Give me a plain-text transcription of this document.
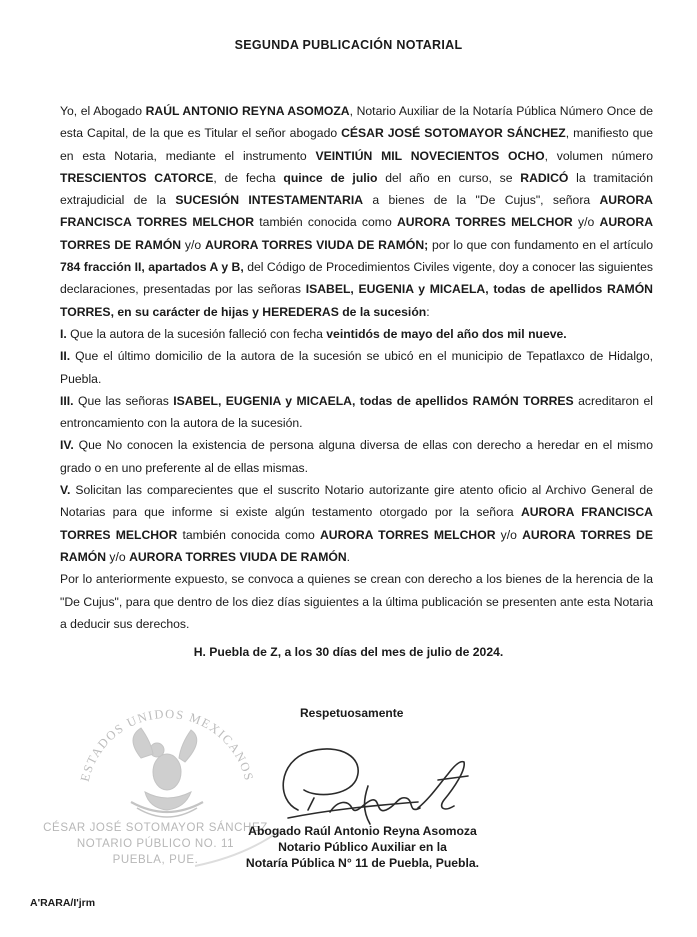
SEGUNDA PUBLICACIÓN NOTARIAL

Yo, el Abogado RAÚL ANTONIO REYNA ASOMOZA, Notario Auxiliar de la Notaría Pública Número Once de esta Capital, de la que es Titular el señor abogado CÉSAR JOSÉ SOTOMAYOR SÁNCHEZ, manifiesto que en esta Notaria, mediante el instrumento VEINTIÚN MIL NOVECIENTOS OCHO, volumen número TRESCIENTOS CATORCE, de fecha quince de julio del año en curso, se RADICÓ la tramitación extrajudicial de la SUCESIÓN INTESTAMENTARIA a bienes de la "De Cujus", señora AURORA FRANCISCA TORRES MELCHOR también conocida como AURORA TORRES MELCHOR y/o AURORA TORRES DE RAMÓN y/o AURORA TORRES VIUDA DE RAMÓN; por lo que con fundamento en el artículo 784 fracción II, apartados A y B, del Código de Procedimientos Civiles vigente, doy a conocer las siguientes declaraciones, presentadas por las señoras ISABEL, EUGENIA y MICAELA, todas de apellidos RAMÓN TORRES, en su carácter de hijas y HEREDERAS de la sucesión:

I. Que la autora de la sucesión falleció con fecha veintidós de mayo del año dos mil nueve.

II. Que el último domicilio de la autora de la sucesión se ubicó en el municipio de Tepatlaxco de Hidalgo, Puebla.

III. Que las señoras ISABEL, EUGENIA y MICAELA, todas de apellidos RAMÓN TORRES acreditaron el entroncamiento con la autora de la sucesión.

IV. Que No conocen la existencia de persona alguna diversa de ellas con derecho a heredar en el mismo grado o en uno preferente al de ellas mismas.

V. Solicitan las comparecientes que el suscrito Notario autorizante gire atento oficio al Archivo General de Notarias para que informe si existe algún testamento otorgado por la señora AURORA FRANCISCA TORRES MELCHOR también conocida como AURORA TORRES MELCHOR y/o AURORA TORRES DE RAMÓN y/o AURORA TORRES VIUDA DE RAMÓN.

Por lo anteriormente expuesto, se convoca a quienes se crean con derecho a los bienes de la herencia de la "De Cujus", para que dentro de los diez días siguientes a la última publicación se presenten ante esta Notaria a deducir sus derechos.

H. Puebla de Z, a los 30 días del mes de julio de 2024.
Respetuosamente
ESTADOS UNIDOS MEXICANOS
CÉSAR JOSÉ SOTOMAYOR SÁNCHEZ
NOTARIO PÚBLICO NO. 11
PUEBLA, PUE.
Abogado Raúl Antonio Reyna Asomoza
Notario Público Auxiliar en la
Notaría Pública N° 11 de Puebla, Puebla.
A'RARA/I'jrm
